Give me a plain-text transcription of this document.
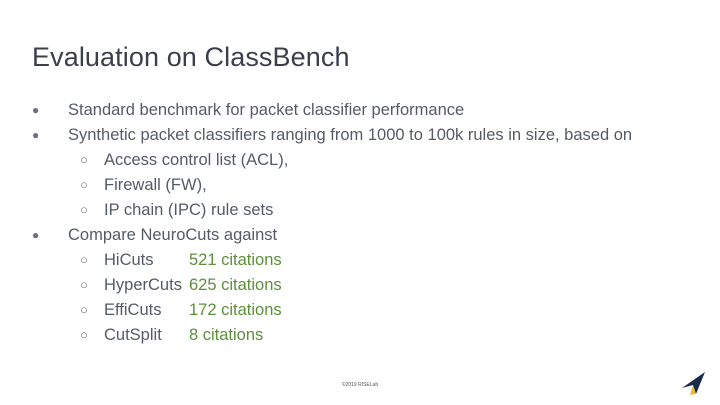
Evaluation on ClassBench
● Standard benchmark for packet classifier performance
● Synthetic packet classifiers ranging from 1000 to 100k rules in size, based on
○ Access control list (ACL),
○ Firewall (FW),
○ IP chain (IPC) rule sets
● Compare NeuroCuts against
○ HiCuts 521 citations
○ HyperCuts 625 citations
○ EffiCuts 172 citations
○ CutSplit 8 citations
©2019 RISELab
